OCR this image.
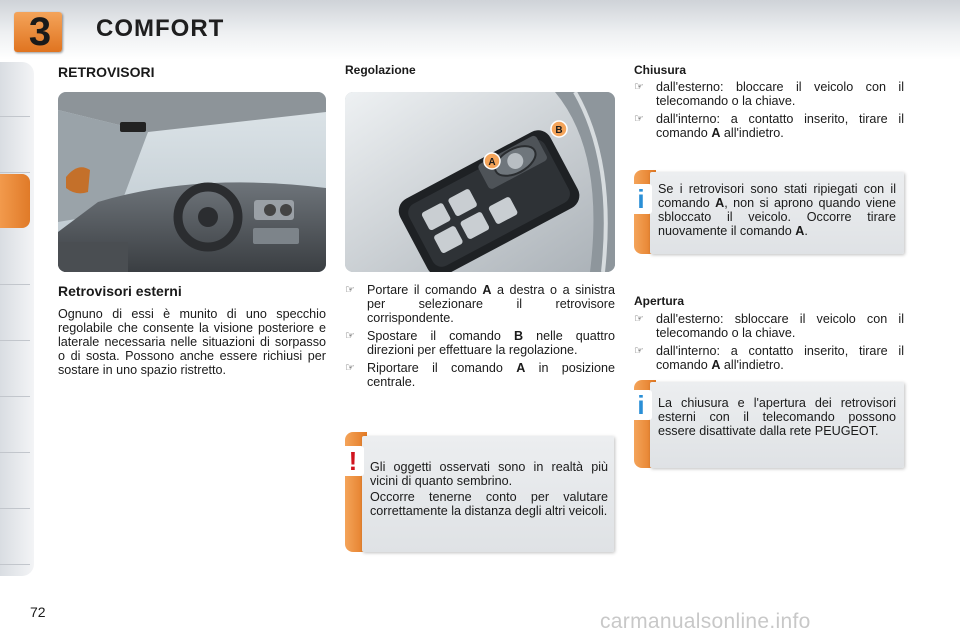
3 COMFORT
RETROVISORI
Retrovisori esterni
Ognuno di essi è munito di uno specchio regolabile che consente la visione posteriore e laterale necessaria nelle situazioni di sorpasso o di sosta. Possono anche essere richiusi per sostare in uno spazio ristretto.
Regolazione
A
B
☞ Portare il comando A a destra o a sinistra per selezionare il retrovisore corrispondente.
☞ Spostare il comando B nelle quattro direzioni per effettuare la regolazione.
☞ Riportare il comando A in posizione centrale.
!	Gli oggetti osservati sono in realtà più vicini di quanto sembrino.
Occorre tenerne conto per valutare correttamente la distanza degli altri veicoli.
Chiusura
☞ dall'esterno: bloccare il veicolo con il telecomando o la chiave.
☞ dall'interno: a contatto inserito, tirare il comando A all'indietro.
i	Se i retrovisori sono stati ripiegati con il comando A, non si aprono quando viene sbloccato il veicolo. Occorre tirare nuovamente il comando A.
Apertura
☞ dall'esterno: sbloccare il veicolo con il telecomando o la chiave.
☞ dall'interno: a contatto inserito, tirare il comando A all'indietro.
i	La chiusura e l'apertura dei retrovisori esterni con il telecomando possono essere disattivate dalla rete PEUGEOT.
72	carmanualsonline.info
